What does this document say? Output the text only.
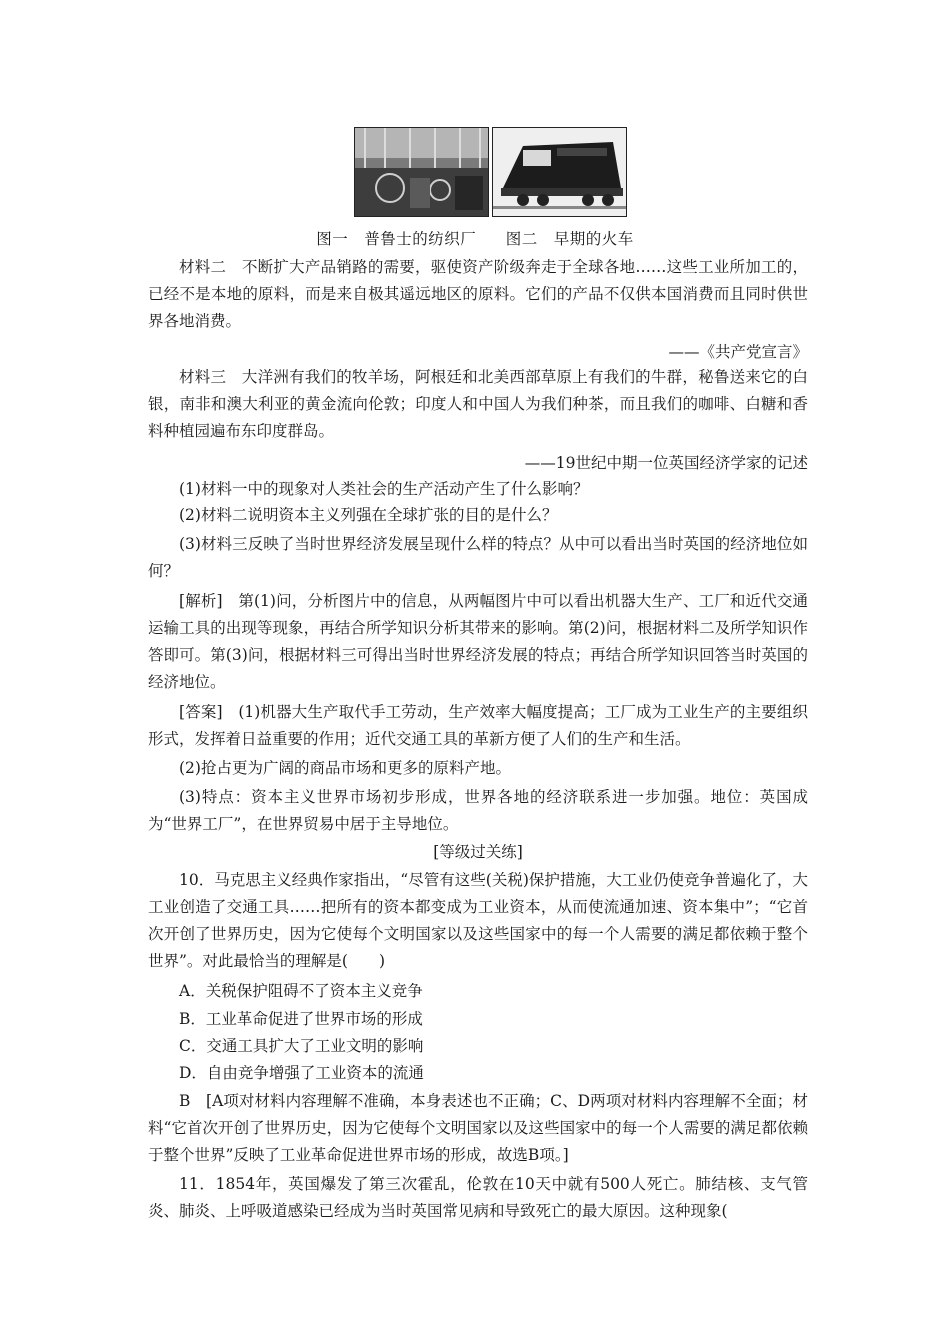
图一　普鲁士的纺织厂 图二　早期的火车
材料二　不断扩大产品销路的需要，驱使资产阶级奔走于全球各地……这些工业所加工的，已经不是本地的原料，而是来自极其遥远地区的原料。它们的产品不仅供本国消费而且同时供世界各地消费。
——《共产党宣言》
材料三　大洋洲有我们的牧羊场，阿根廷和北美西部草原上有我们的牛群，秘鲁送来它的白银，南非和澳大利亚的黄金流向伦敦；印度人和中国人为我们种茶，而且我们的咖啡、白糖和香料种植园遍布东印度群岛。
——19世纪中期一位英国经济学家的记述
(1)材料一中的现象对人类社会的生产活动产生了什么影响？
(2)材料二说明资本主义列强在全球扩张的目的是什么？
(3)材料三反映了当时世界经济发展呈现什么样的特点？从中可以看出当时英国的经济地位如何？
[解析]　第(1)问，分析图片中的信息，从两幅图片中可以看出机器大生产、工厂和近代交通运输工具的出现等现象，再结合所学知识分析其带来的影响。第(2)问，根据材料二及所学知识作答即可。第(3)问，根据材料三可得出当时世界经济发展的特点；再结合所学知识回答当时英国的经济地位。
[答案]　(1)机器大生产取代手工劳动，生产效率大幅度提高；工厂成为工业生产的主要组织形式，发挥着日益重要的作用；近代交通工具的革新方便了人们的生产和生活。
(2)抢占更为广阔的商品市场和更多的原料产地。
(3)特点：资本主义世界市场初步形成，世界各地的经济联系进一步加强。地位：英国成为“世界工厂”，在世界贸易中居于主导地位。
[等级过关练]
10．马克思主义经典作家指出，“尽管有这些(关税)保护措施，大工业仍使竞争普遍化了，大工业创造了交通工具……把所有的资本都变成为工业资本，从而使流通加速、资本集中”；“它首次开创了世界历史，因为它使每个文明国家以及这些国家中的每一个人需要的满足都依赖于整个世界”。对此最恰当的理解是(　　)
A．关税保护阻碍不了资本主义竞争
B．工业革命促进了世界市场的形成
C．交通工具扩大了工业文明的影响
D．自由竞争增强了工业资本的流通
B　[A项对材料内容理解不准确，本身表述也不正确；C、D两项对材料内容理解不全面；材料“它首次开创了世界历史，因为它使每个文明国家以及这些国家中的每一个人需要的满足都依赖于整个世界”反映了工业革命促进世界市场的形成，故选B项。]
11．1854年，英国爆发了第三次霍乱，伦敦在10天中就有500人死亡。肺结核、支气管炎、肺炎、上呼吸道感染已经成为当时英国常见病和导致死亡的最大原因。这种现象(
